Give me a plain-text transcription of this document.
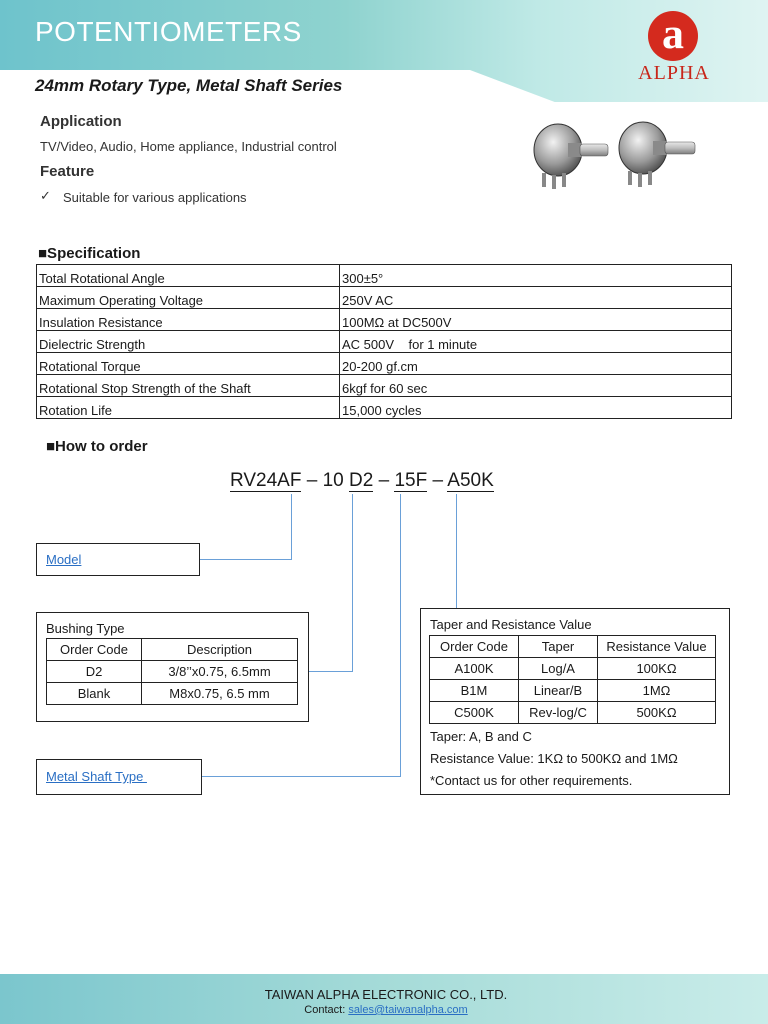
POTENTIOMETERS	a
ALPHA
24mm Rotary Type, Metal Shaft Series
Application
TV/Video, Audio, Home appliance, Industrial control
Feature
✓ Suitable for various applications
■Specification
Total Rotational Angle	300±5°
Maximum Operating Voltage	250V AC
Insulation Resistance	100MΩ at DC500V
Dielectric Strength	AC 500V    for 1 minute
Rotational Torque	20-200 gf.cm
Rotational Stop Strength of the Shaft	6kgf for 60 sec
Rotation Life	15,000 cycles
■How to order
RV24AF – 10 D2 – 15F – A50K
Model
Bushing Type
Order Code	Description
D2	3/8’’x0.75, 6.5mm
Blank	M8x0.75, 6.5 mm
Metal Shaft Type
Taper and Resistance Value
Order Code	Taper	Resistance Value
A100K	Log/A	100KΩ
B1M	Linear/B	1MΩ
C500K	Rev-log/C	500KΩ
Taper: A, B and C
Resistance Value: 1KΩ to 500KΩ and 1MΩ
*Contact us for other requirements.
TAIWAN ALPHA ELECTRONIC CO., LTD.
Contact: sales@taiwanalpha.com
